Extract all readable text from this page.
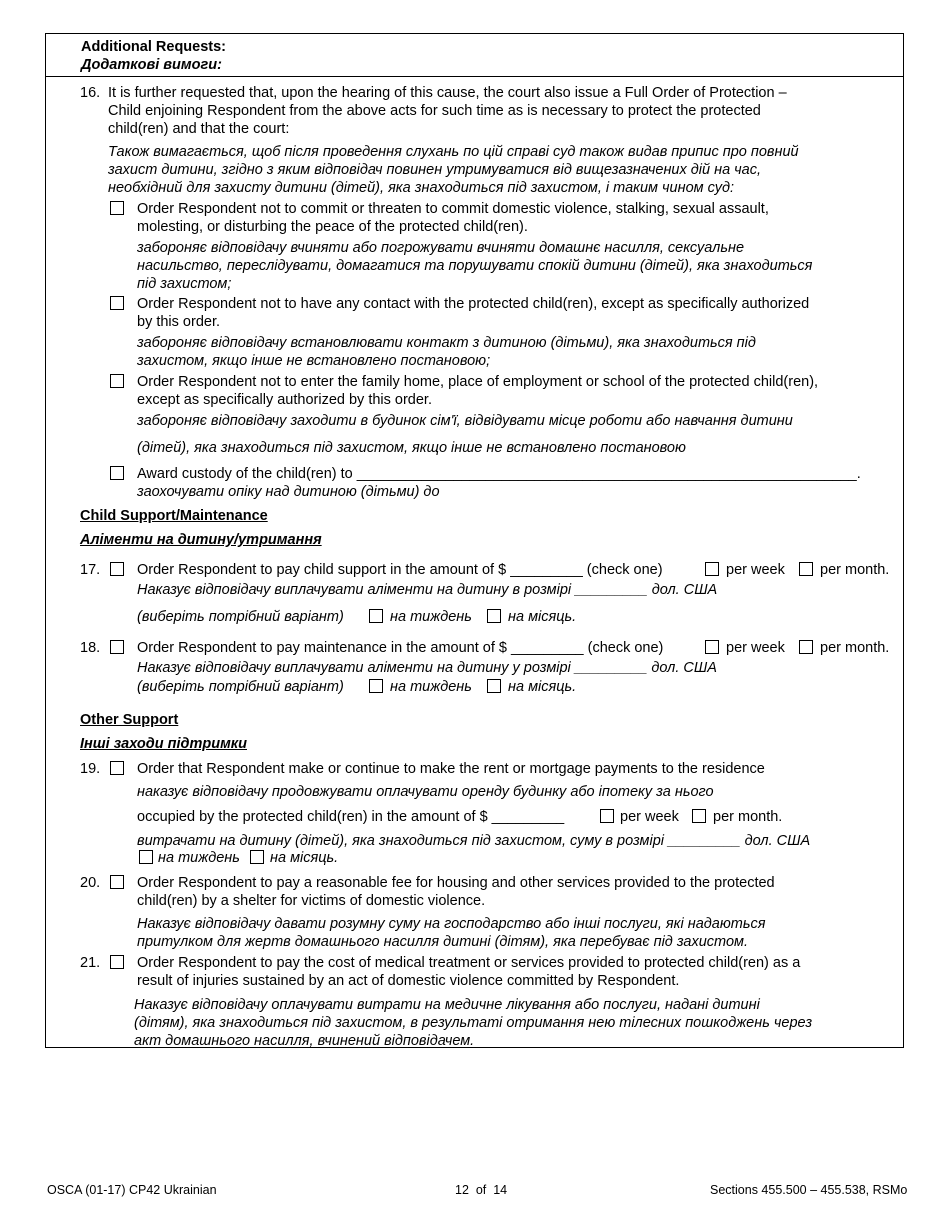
Additional Requests:
Додаткові вимоги:
16. It is further requested that, upon the hearing of this cause, the court also issue a Full Order of Protection –
Child enjoining Respondent from the above acts for such time as is necessary to protect the protected
child(ren) and that the court:
Також вимагається, щоб після проведення слухань по цій справі суд також видав припис про повний
захист дитини, згідно з яким відповідач повинен утримуватися від вищезазначених дій на час,
необхідний для захисту дитини (дітей), яка знаходиться під захистом, і таким чином суд:
Order Respondent not to commit or threaten to commit domestic violence, stalking, sexual assault,
molesting, or disturbing the peace of the protected child(ren).
забороняє відповідачу вчиняти або погрожувати вчиняти домашнє насилля, сексуальне
насильство, переслідувати, домагатися та порушувати спокій дитини (дітей), яка знаходиться
під захистом;
Order Respondent not to have any contact with the protected child(ren), except as specifically authorized
by this order.
забороняє відповідачу встановлювати контакт з дитиною (дітьми), яка знаходиться під
захистом, якщо інше не встановлено постановою;
Order Respondent not to enter the family home, place of employment or school of the protected child(ren),
except as specifically authorized by this order.
забороняє відповідачу заходити в будинок сім'ї, відвідувати місце роботи або навчання дитини
(дітей), яка знаходиться під захистом, якщо інше не встановлено постановою
Award custody of the child(ren) to ______________________________________________________________.
заохочувати опіку над дитиною (дітьми) до
Child Support/Maintenance
Аліменти на дитину/утримання
17.	Order Respondent to pay child support in the amount of $ _________ (check one)	per week per month.
Наказує відповідачу виплачувати аліменти на дитину в розмірі _________ дол. США
(виберіть потрібний варіант)	на тиждень на місяць.
18.	Order Respondent to pay maintenance in the amount of $ _________ (check one)	per week per month.
Наказує відповідачу виплачувати аліменти на дитину у розмірі _________ дол. США
(виберіть потрібний варіант)	на тиждень на місяць.
Other Support
Інші заходи підтримки
19.	Order that Respondent make or continue to make the rent or mortgage payments to the residence
наказує відповідачу продовжувати оплачувати оренду будинку або іпотеку за нього
occupied by the protected child(ren) in the amount of $ _________	per week per month.
витрачати на дитину (дітей), яка знаходиться під захистом, суму в розмірі _________ дол. США
на тиждень на місяць.
20.	Order Respondent to pay a reasonable fee for housing and other services provided to the protected
child(ren) by a shelter for victims of domestic violence.
Наказує відповідачу давати розумну суму на господарство або інші послуги, які надаються
притулком для жертв домашнього насилля дитині (дітям), яка перебуває під захистом.
21.	Order Respondent to pay the cost of medical treatment or services provided to protected child(ren) as a
result of injuries sustained by an act of domestic violence committed by Respondent.
Наказує відповідачу оплачувати витрати на медичне лікування або послуги, надані дитині
(дітям), яка знаходиться під захистом, в результаті отримання нею тілесних пошкоджень через
акт домашнього насилля, вчинений відповідачем.
OSCA (01-17) CP42 Ukrainian	12  of  14	Sections 455.500 – 455.538, RSMo
